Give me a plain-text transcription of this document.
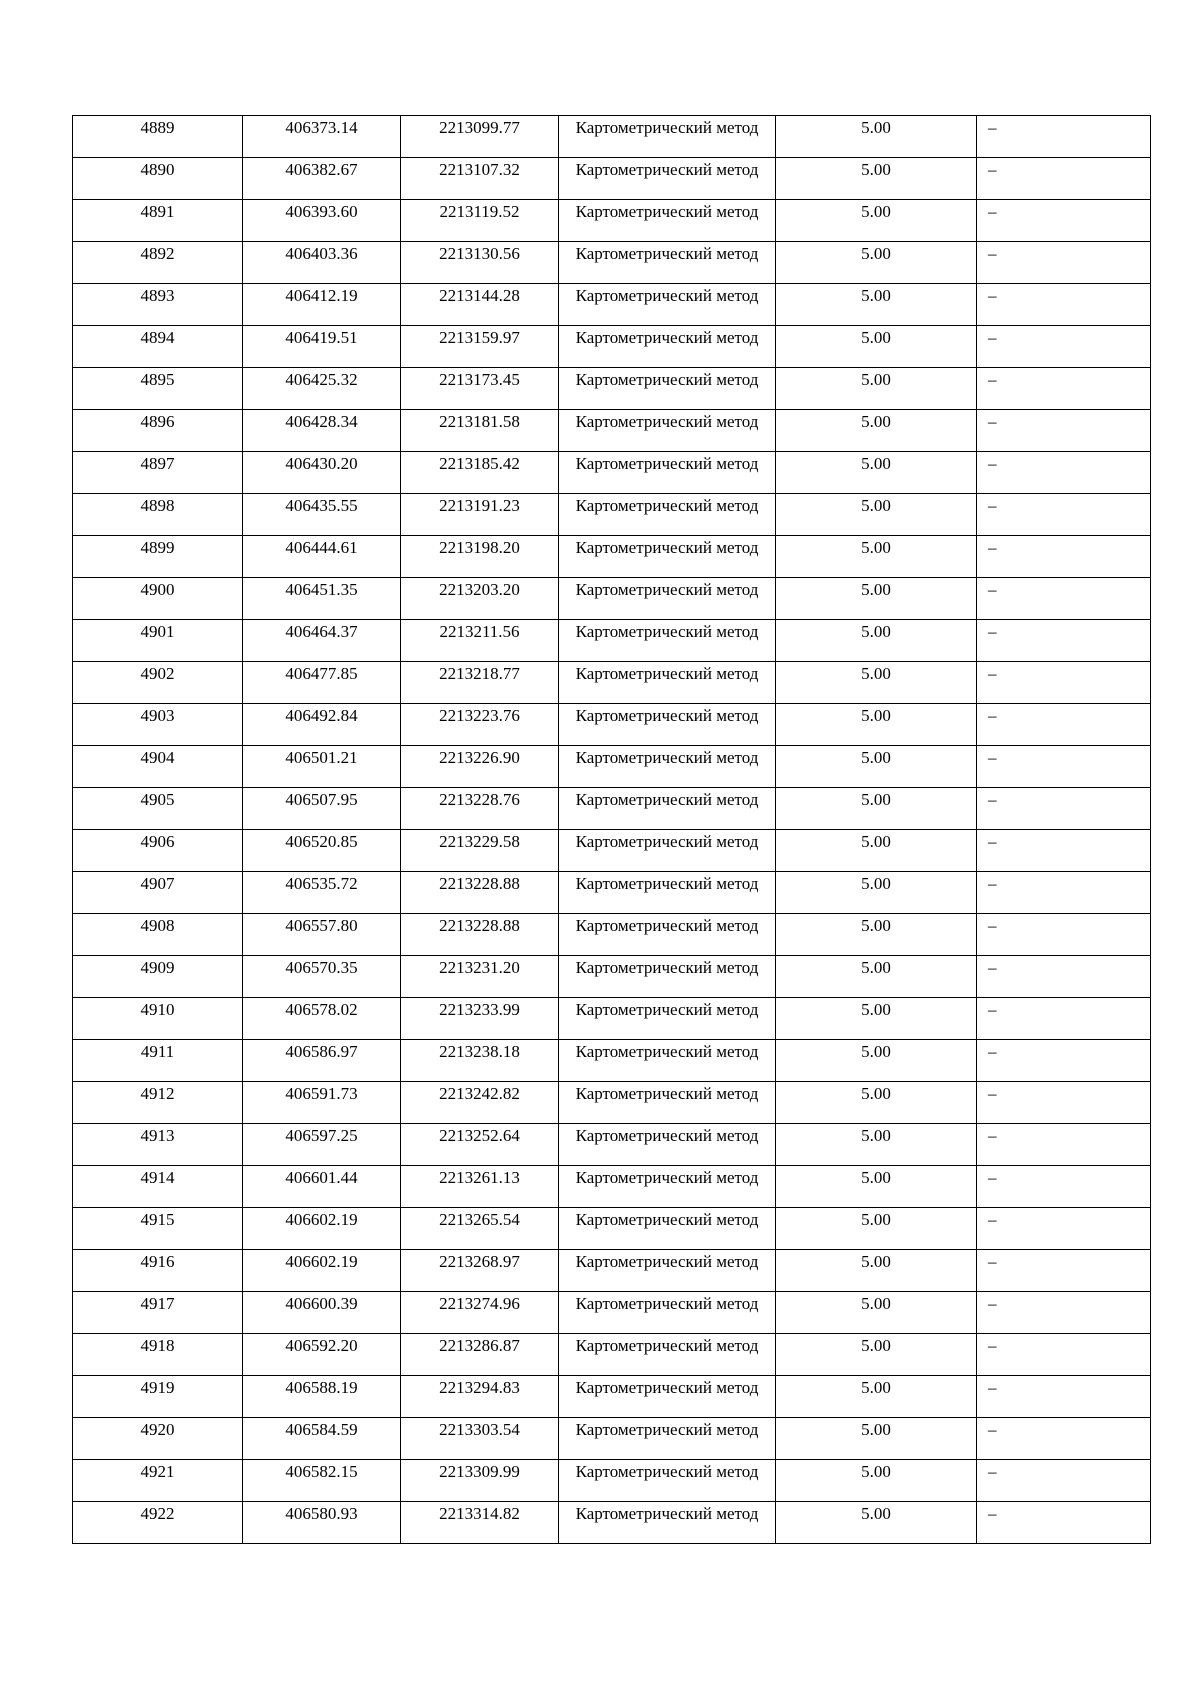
4889	406373.14	2213099.77	Картометрический метод	5.00	–

4890	406382.67	2213107.32	Картометрический метод	5.00	–

4891	406393.60	2213119.52	Картометрический метод	5.00	–

4892	406403.36	2213130.56	Картометрический метод	5.00	–

4893	406412.19	2213144.28	Картометрический метод	5.00	–

4894	406419.51	2213159.97	Картометрический метод	5.00	–

4895	406425.32	2213173.45	Картометрический метод	5.00	–

4896	406428.34	2213181.58	Картометрический метод	5.00	–

4897	406430.20	2213185.42	Картометрический метод	5.00	–

4898	406435.55	2213191.23	Картометрический метод	5.00	–

4899	406444.61	2213198.20	Картометрический метод	5.00	–

4900	406451.35	2213203.20	Картометрический метод	5.00	–

4901	406464.37	2213211.56	Картометрический метод	5.00	–

4902	406477.85	2213218.77	Картометрический метод	5.00	–

4903	406492.84	2213223.76	Картометрический метод	5.00	–

4904	406501.21	2213226.90	Картометрический метод	5.00	–

4905	406507.95	2213228.76	Картометрический метод	5.00	–

4906	406520.85	2213229.58	Картометрический метод	5.00	–

4907	406535.72	2213228.88	Картометрический метод	5.00	–

4908	406557.80	2213228.88	Картометрический метод	5.00	–

4909	406570.35	2213231.20	Картометрический метод	5.00	–

4910	406578.02	2213233.99	Картометрический метод	5.00	–

4911	406586.97	2213238.18	Картометрический метод	5.00	–

4912	406591.73	2213242.82	Картометрический метод	5.00	–

4913	406597.25	2213252.64	Картометрический метод	5.00	–

4914	406601.44	2213261.13	Картометрический метод	5.00	–

4915	406602.19	2213265.54	Картометрический метод	5.00	–

4916	406602.19	2213268.97	Картометрический метод	5.00	–

4917	406600.39	2213274.96	Картометрический метод	5.00	–

4918	406592.20	2213286.87	Картометрический метод	5.00	–

4919	406588.19	2213294.83	Картометрический метод	5.00	–

4920	406584.59	2213303.54	Картометрический метод	5.00	–

4921	406582.15	2213309.99	Картометрический метод	5.00	–

4922	406580.93	2213314.82	Картометрический метод	5.00	–
